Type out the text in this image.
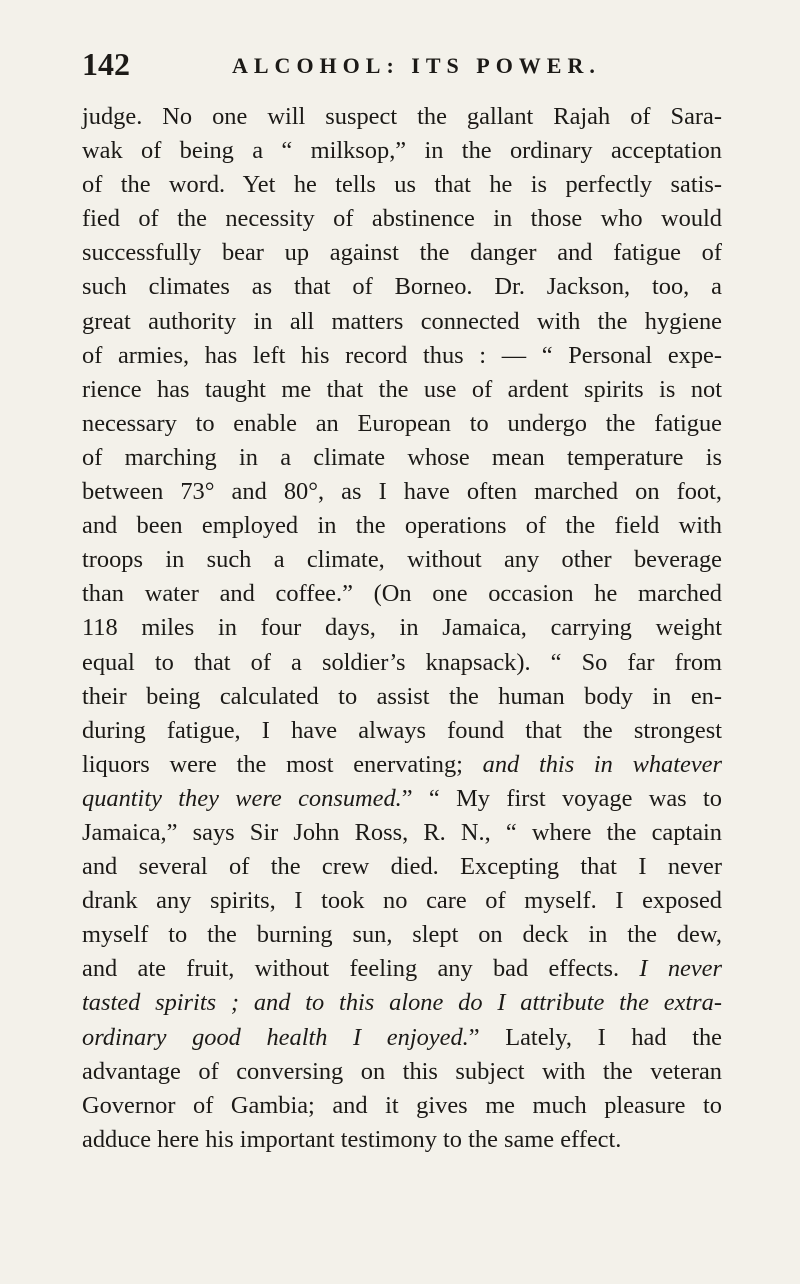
142	ALCOHOL: ITS POWER.
judge. No one will suspect the gallant Rajah of Sara-
wak of being a “ milksop,” in the ordinary acceptation
of the word. Yet he tells us that he is perfectly satis-
fied of the necessity of abstinence in those who would
successfully bear up against the danger and fatigue of
such climates as that of Borneo. Dr. Jackson, too, a
great authority in all matters connected with the hygiene
of armies, has left his record thus : — “ Personal expe-
rience has taught me that the use of ardent spirits is not
necessary to enable an European to undergo the fatigue
of marching in a climate whose mean temperature is
between 73° and 80°, as I have often marched on foot,
and been employed in the operations of the field with
troops in such a climate, without any other beverage
than water and coffee.” (On one occasion he marched
118 miles in four days, in Jamaica, carrying weight
equal to that of a soldier’s knapsack). “ So far from
their being calculated to assist the human body in en-
during fatigue, I have always found that the strongest
liquors were the most enervating; and this in whatever
quantity they were consumed.” “ My first voyage was to
Jamaica,” says Sir John Ross, R. N., “ where the captain
and several of the crew died. Excepting that I never
drank any spirits, I took no care of myself. I exposed
myself to the burning sun, slept on deck in the dew,
and ate fruit, without feeling any bad effects. I never
tasted spirits ; and to this alone do I attribute the extra-
ordinary good health I enjoyed.” Lately, I had the
advantage of conversing on this subject with the veteran
Governor of Gambia; and it gives me much pleasure to
adduce here his important testimony to the same effect.
